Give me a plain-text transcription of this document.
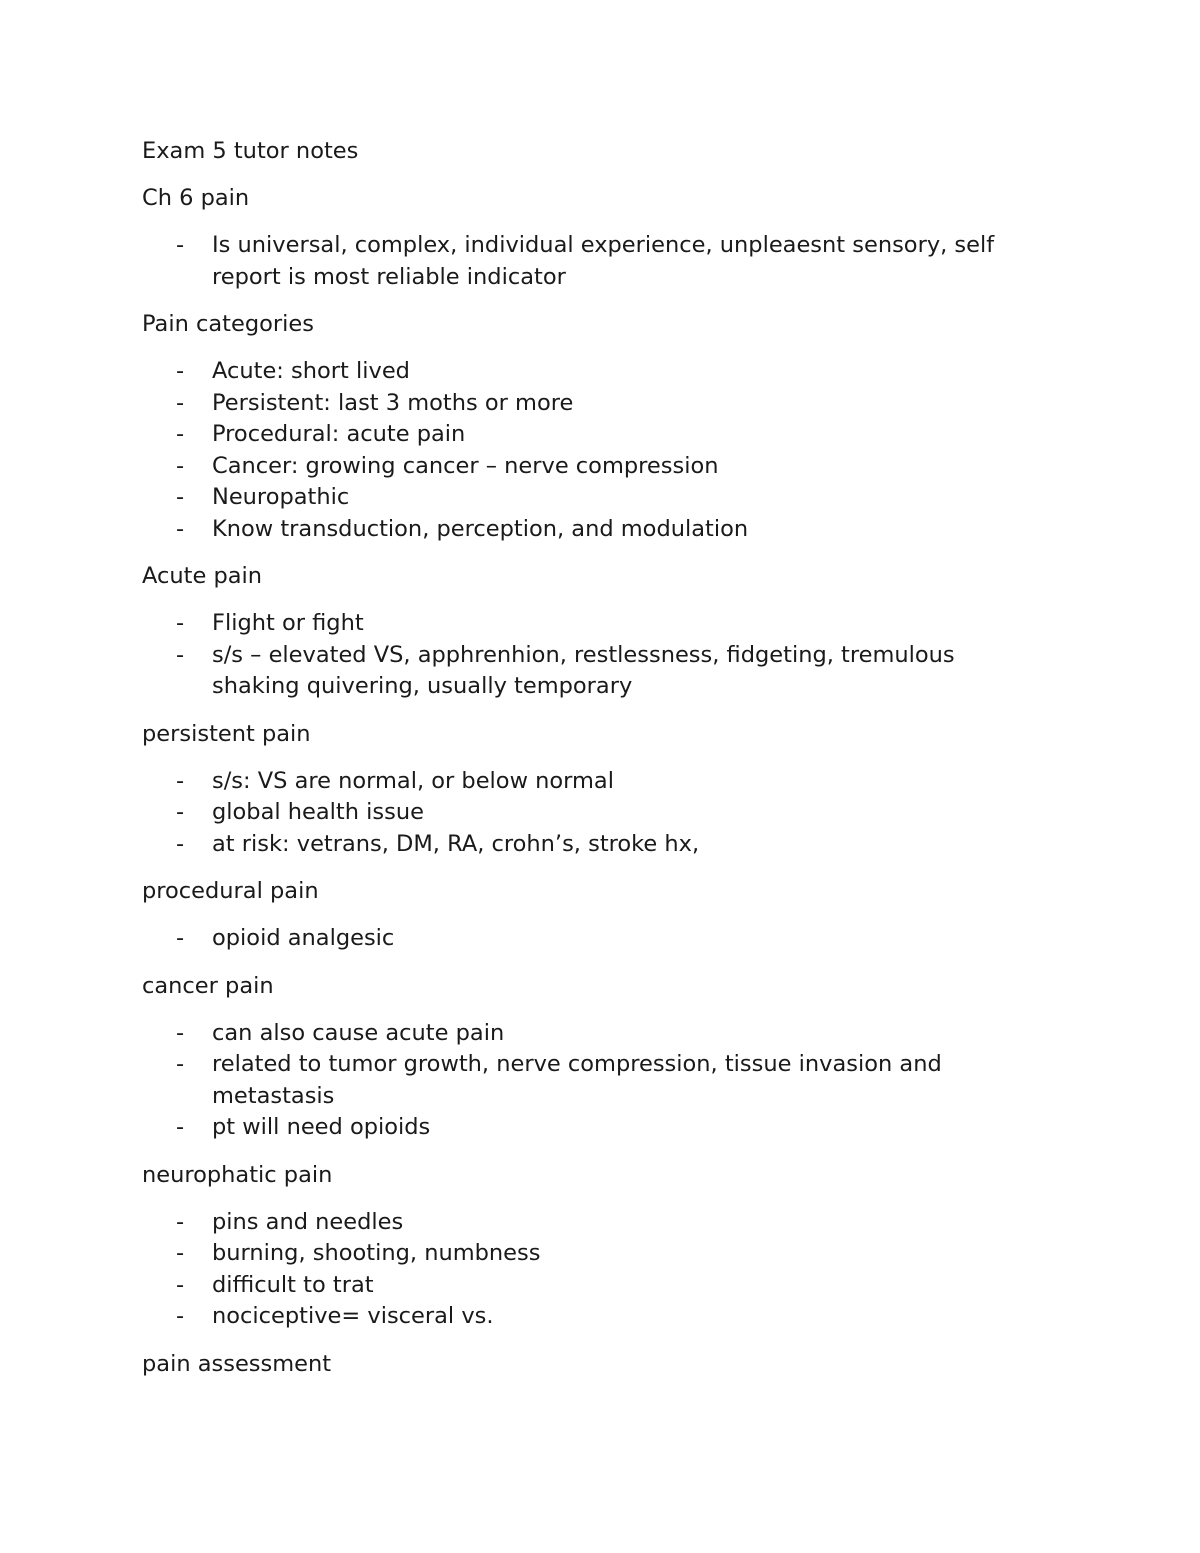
Exam 5 tutor notes

Ch 6 pain

- Is universal, complex, individual experience, unpleaesnt sensory, self report is most reliable indicator

Pain categories

- Acute: short lived
- Persistent: last 3 moths or more
- Procedural: acute pain
- Cancer: growing cancer – nerve compression
- Neuropathic
- Know transduction, perception, and modulation

Acute pain

- Flight or fight
- s/s – elevated VS, apphrenhion, restlessness, fidgeting, tremulous shaking quivering, usually temporary

persistent pain

- s/s: VS are normal, or below normal
- global health issue
- at risk: vetrans, DM, RA, crohn’s, stroke hx,

procedural pain

- opioid analgesic

cancer pain

- can also cause acute pain
- related to tumor growth, nerve compression, tissue invasion and metastasis
- pt will need opioids

neurophatic pain

- pins and needles
- burning, shooting, numbness
- difficult to trat
- nociceptive= visceral vs.

pain assessment
